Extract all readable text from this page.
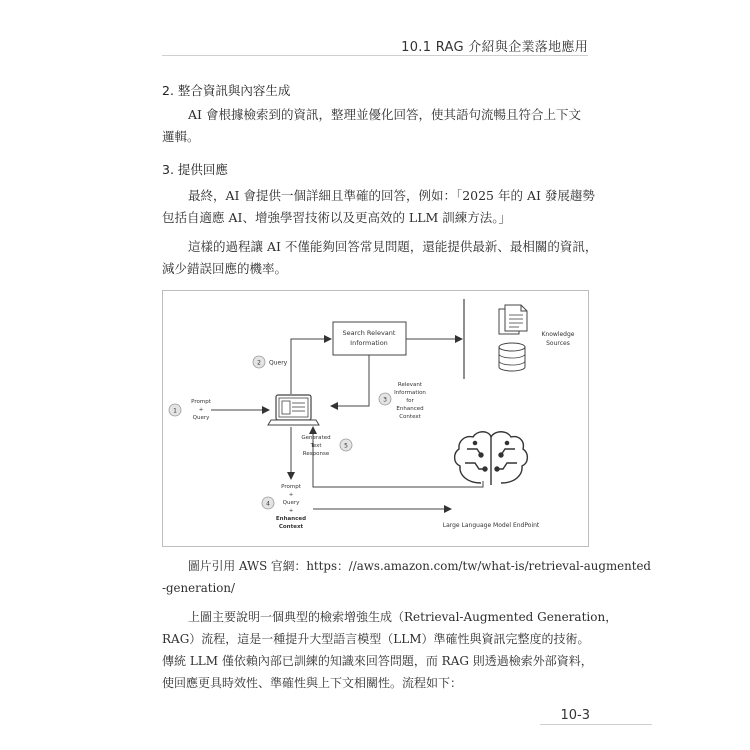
10.1 RAG 介紹與企業落地應用
2. 整合資訊與內容生成
AI 會根據檢索到的資訊，整理並優化回答，使其語句流暢且符合上下文
邏輯。
3. 提供回應
最終，AI 會提供一個詳細且準確的回答，例如：「2025 年的 AI 發展趨勢
包括自適應 AI、增強學習技術以及更高效的 LLM 訓練方法。」
這樣的過程讓 AI 不僅能夠回答常見問題，還能提供最新、最相關的資訊，
減少錯誤回應的機率。
Search Relevant
Information
Knowledge
Sources
2 Query
3
Relevant
Information
for
Enhanced
Context
1
Prompt
+
Query
4
Prompt
+
Query
+
Enhanced
Context
5
Generated
Text
Response
Large Language Model EndPoint
圖片引用 AWS 官網：https：//aws.amazon.com/tw/what-is/retrieval-augmented
-generation/
上圖主要說明一個典型的檢索增強生成（Retrieval-Augmented Generation，
RAG）流程，這是一種提升大型語言模型（LLM）準確性與資訊完整度的技術。
傳統 LLM 僅依賴內部已訓練的知識來回答問題，而 RAG 則透過檢索外部資料，
使回應更具時效性、準確性與上下文相關性。流程如下：
10-3
